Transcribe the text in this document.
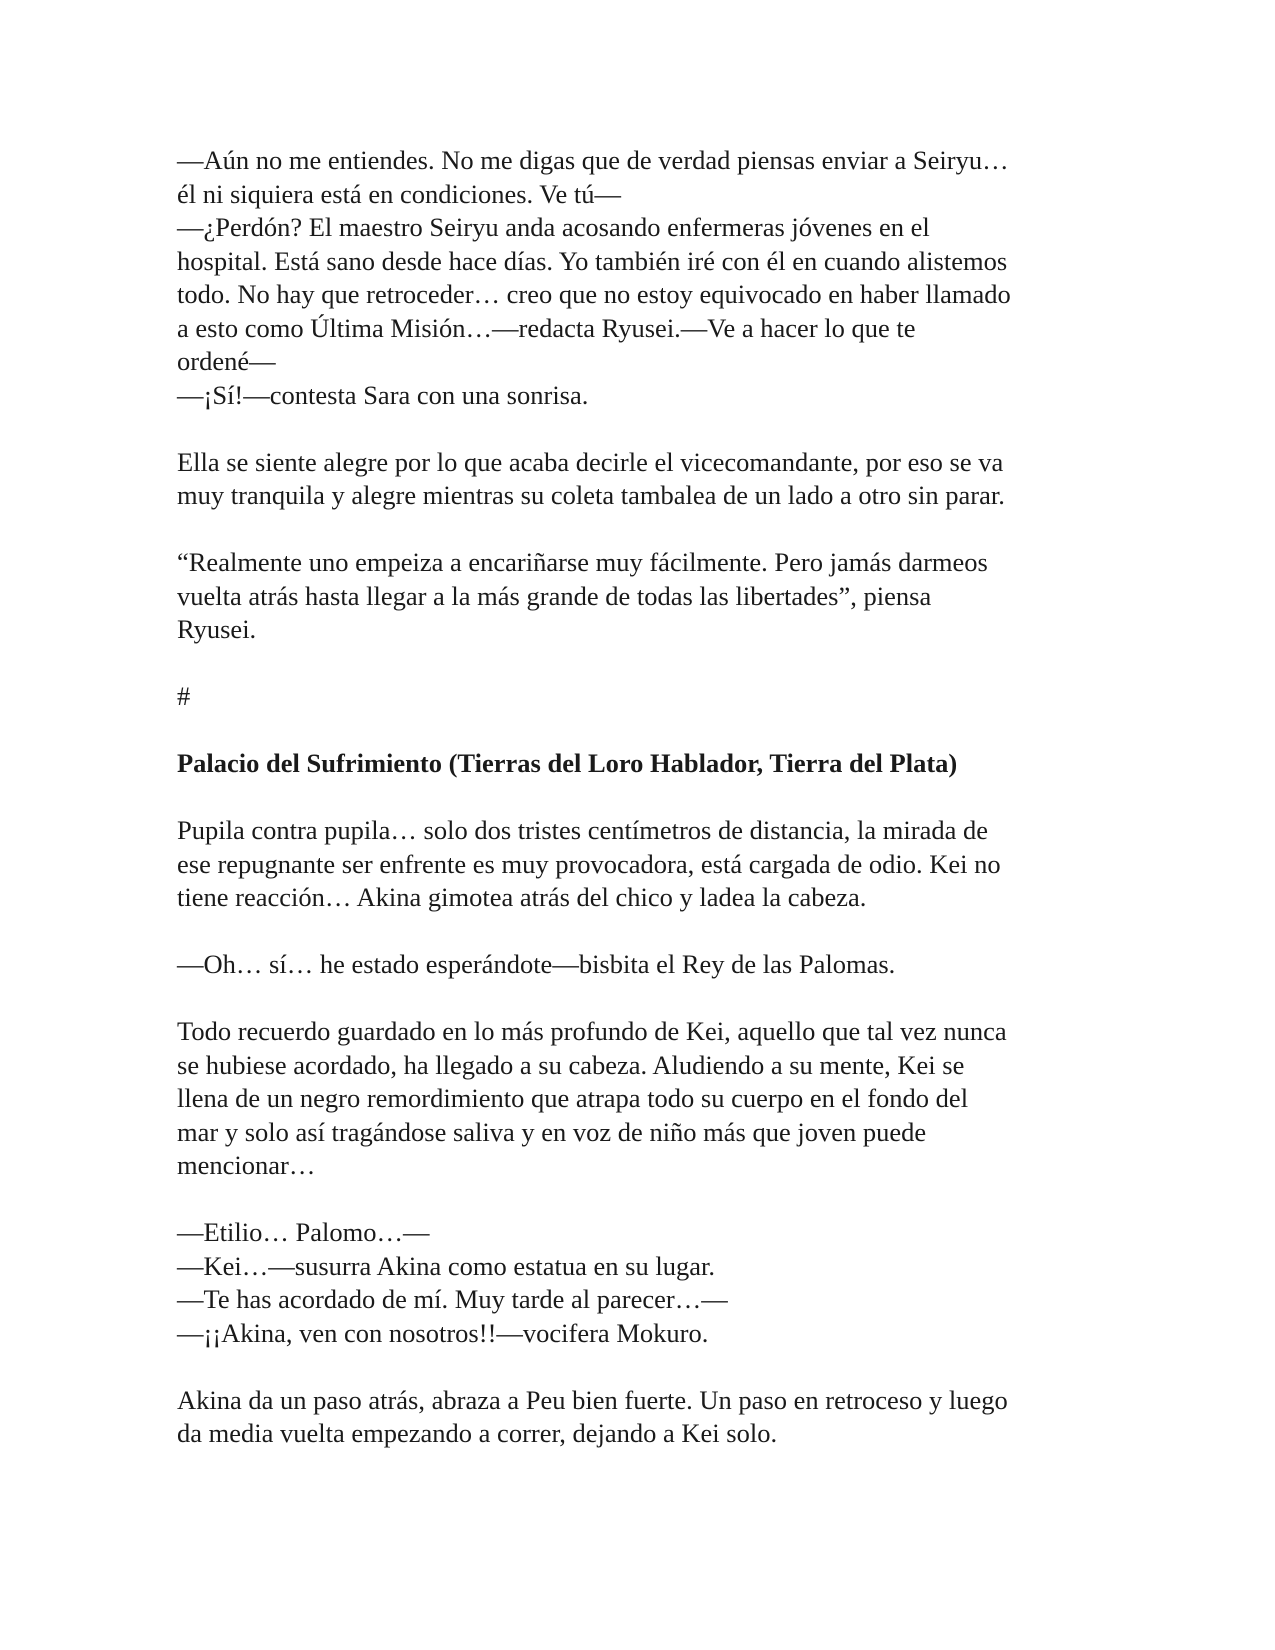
—Aún no me entiendes. No me digas que de verdad piensas enviar a Seiryu…
él ni siquiera está en condiciones. Ve tú—
—¿Perdón? El maestro Seiryu anda acosando enfermeras jóvenes en el
hospital. Está sano desde hace días. Yo también iré con él en cuando alistemos
todo. No hay que retroceder… creo que no estoy equivocado en haber llamado
a esto como Última Misión…—redacta Ryusei.—Ve a hacer lo que te
ordené—
—¡Sí!—contesta Sara con una sonrisa.
Ella se siente alegre por lo que acaba decirle el vicecomandante, por eso se va
muy tranquila y alegre mientras su coleta tambalea de un lado a otro sin parar.
“Realmente uno empeiza a encariñarse muy fácilmente. Pero jamás darmeos
vuelta atrás hasta llegar a la más grande de todas las libertades”, piensa
Ryusei.
#
Palacio del Sufrimiento (Tierras del Loro Hablador, Tierra del Plata)
Pupila contra pupila… solo dos tristes centímetros de distancia, la mirada de
ese repugnante ser enfrente es muy provocadora, está cargada de odio. Kei no
tiene reacción… Akina gimotea atrás del chico y ladea la cabeza.
—Oh… sí… he estado esperándote—bisbita el Rey de las Palomas.
Todo recuerdo guardado en lo más profundo de Kei, aquello que tal vez nunca
se hubiese acordado, ha llegado a su cabeza. Aludiendo a su mente, Kei se
llena de un negro remordimiento que atrapa todo su cuerpo en el fondo del
mar y solo así tragándose saliva y en voz de niño más que joven puede
mencionar…
—Etilio… Palomo…—
—Kei…—susurra Akina como estatua en su lugar.
—Te has acordado de mí. Muy tarde al parecer…—
—¡¡Akina, ven con nosotros!!—vocifera Mokuro.
Akina da un paso atrás, abraza a Peu bien fuerte. Un paso en retroceso y luego
da media vuelta empezando a correr, dejando a Kei solo.
